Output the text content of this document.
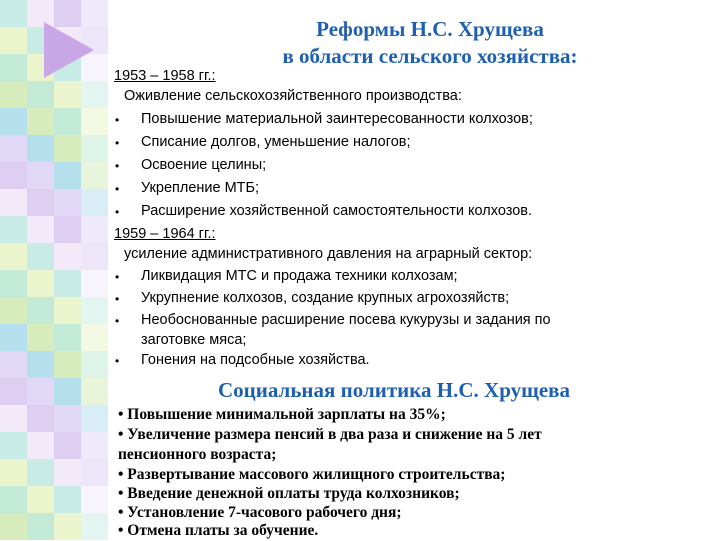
Реформы Н.С. Хрущева
в области сельского хозяйства:
1953 – 1958 гг.:
Оживление сельскохозяйственного производства:
• Повышение материальной заинтересованности колхозов;
• Списание долгов, уменьшение налогов;
• Освоение целины;
• Укрепление МТБ;
• Расширение хозяйственной самостоятельности колхозов.
1959 – 1964 гг.:
усиление административного давления на аграрный сектор:
• Ликвидация МТС и продажа техники колхозам;
• Укрупнение колхозов, создание крупных агрохозяйств;
• Необоснованные расширение посева кукурузы и задания по
заготовке мяса;
• Гонения на подсобные хозяйства.
Социальная политика Н.С. Хрущева
• Повышение минимальной зарплаты на 35%;
• Увеличение размера пенсий в два раза и снижение на 5 лет
пенсионного возраста;
• Развертывание массового жилищного строительства;
• Введение денежной оплаты труда колхозников;
• Установление 7-часового рабочего дня;
• Отмена платы за обучение.
